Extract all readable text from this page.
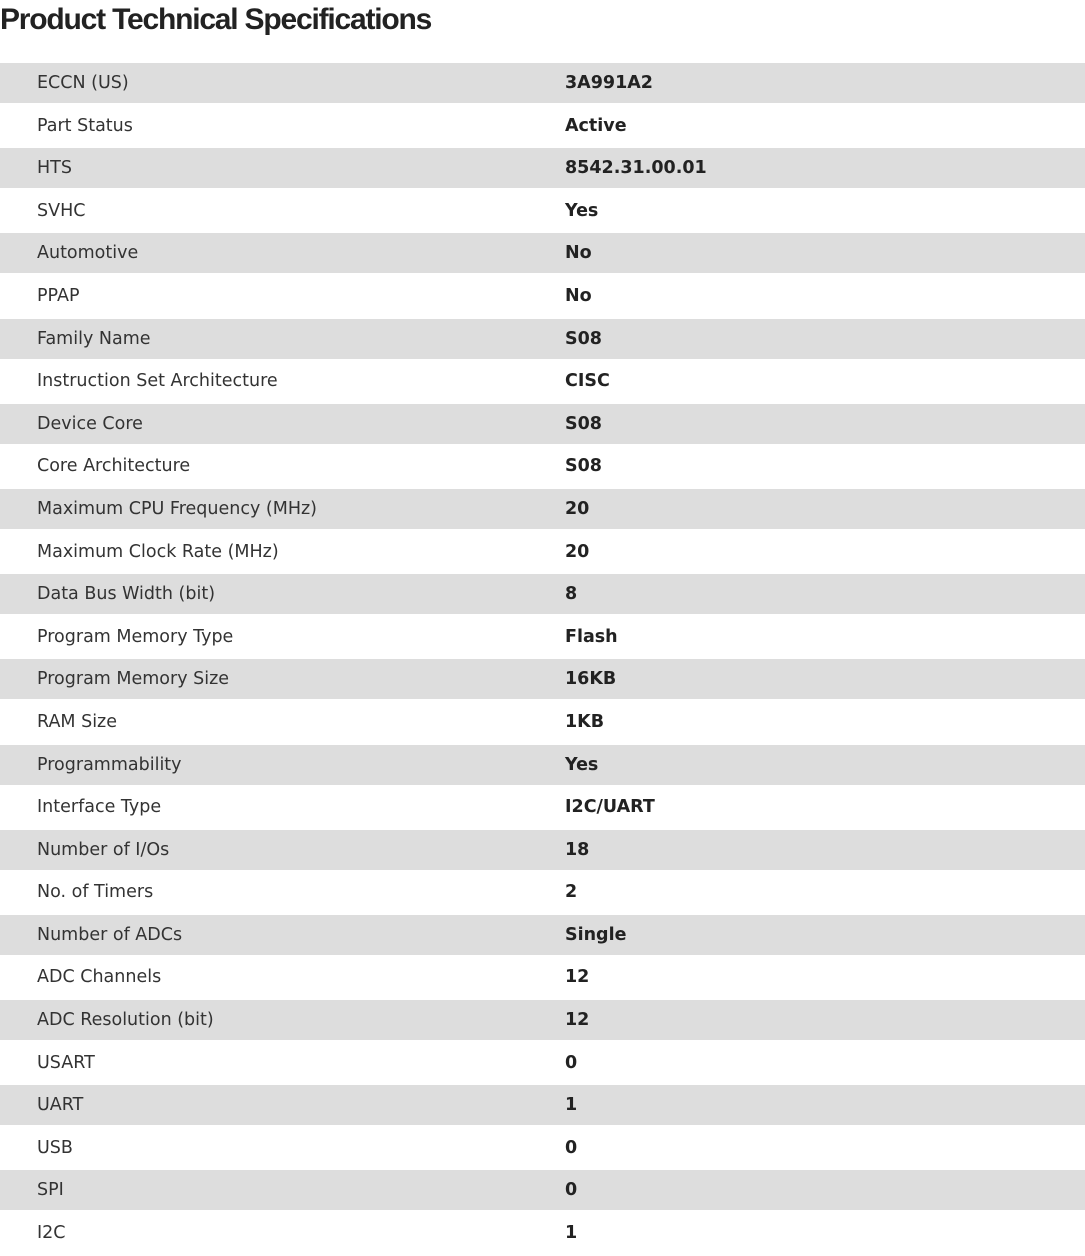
Product Technical Specifications
ECCN (US)	3A991A2
Part Status	Active
HTS	8542.31.00.01
SVHC	Yes
Automotive	No
PPAP	No
Family Name	S08
Instruction Set Architecture	CISC
Device Core	S08
Core Architecture	S08
Maximum CPU Frequency (MHz)	20
Maximum Clock Rate (MHz)	20
Data Bus Width (bit)	8
Program Memory Type	Flash
Program Memory Size	16KB
RAM Size	1KB
Programmability	Yes
Interface Type	I2C/UART
Number of I/Os	18
No. of Timers	2
Number of ADCs	Single
ADC Channels	12
ADC Resolution (bit)	12
USART	0
UART	1
USB	0
SPI	0
I2C	1
